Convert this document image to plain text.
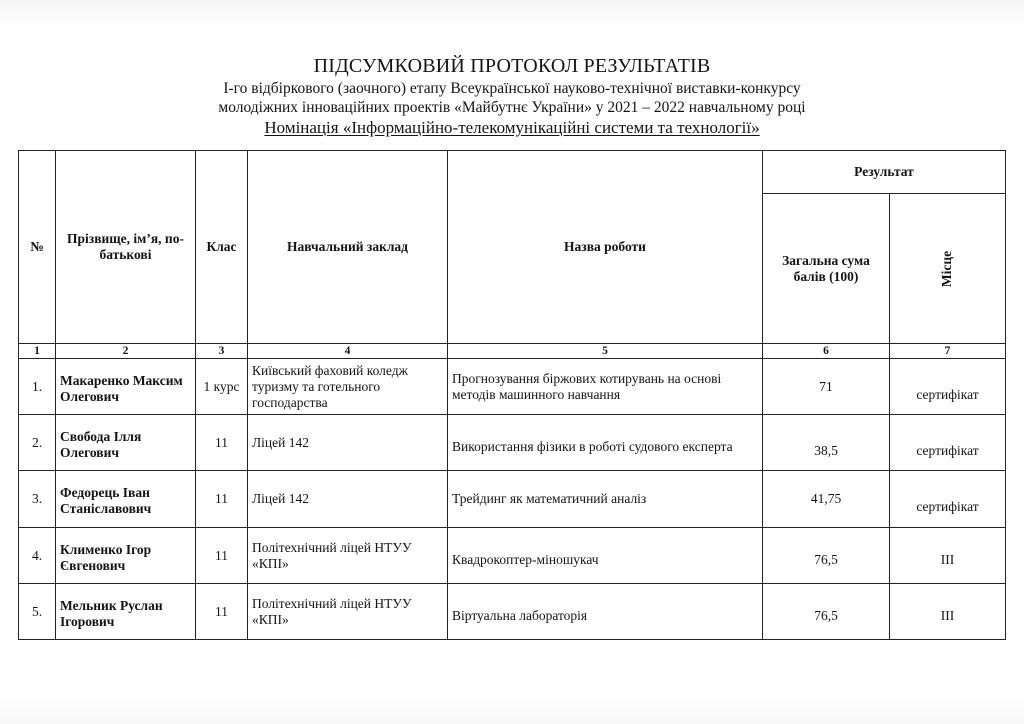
ПІДСУМКОВИЙ ПРОТОКОЛ РЕЗУЛЬТАТІВ
І-го відбіркового (заочного) етапу Всеукраїнської науково-технічної виставки-конкурсу
молодіжних інноваційних проектів «Майбутнє України» у 2021 – 2022 навчальному році
Номінація «Інформаційно-телекомунікаційні системи та технології»
№	Прізвище, ім’я, по-батькові	Клас	Навчальний заклад	Назва роботи	Результат	
					Загальна сума балів (100)	Місце
1	2	3	4	5	6	7
1.	Макаренко Максим Олегович	1 курс	Київський фаховий коледж туризму та готельного господарства	Прогнозування біржових котирувань на основі методів машинного навчання	71	сертифікат
2.	Свобода Ілля Олегович	11	Ліцей 142	Використання фізики в роботі судового експерта	38,5	сертифікат
3.	Федорець Іван Станіславович	11	Ліцей 142	Трейдинг як математичний аналіз	41,75	сертифікат
4.	Клименко Ігор Євгенович	11	Політехнічний ліцей НТУУ «КПІ»	Квадрокоптер-міношукач	76,5	ІІІ
5.	Мельник Руслан Ігорович	11	Політехнічний ліцей НТУУ «КПІ»	Віртуальна лабораторія	76,5	ІІІ
